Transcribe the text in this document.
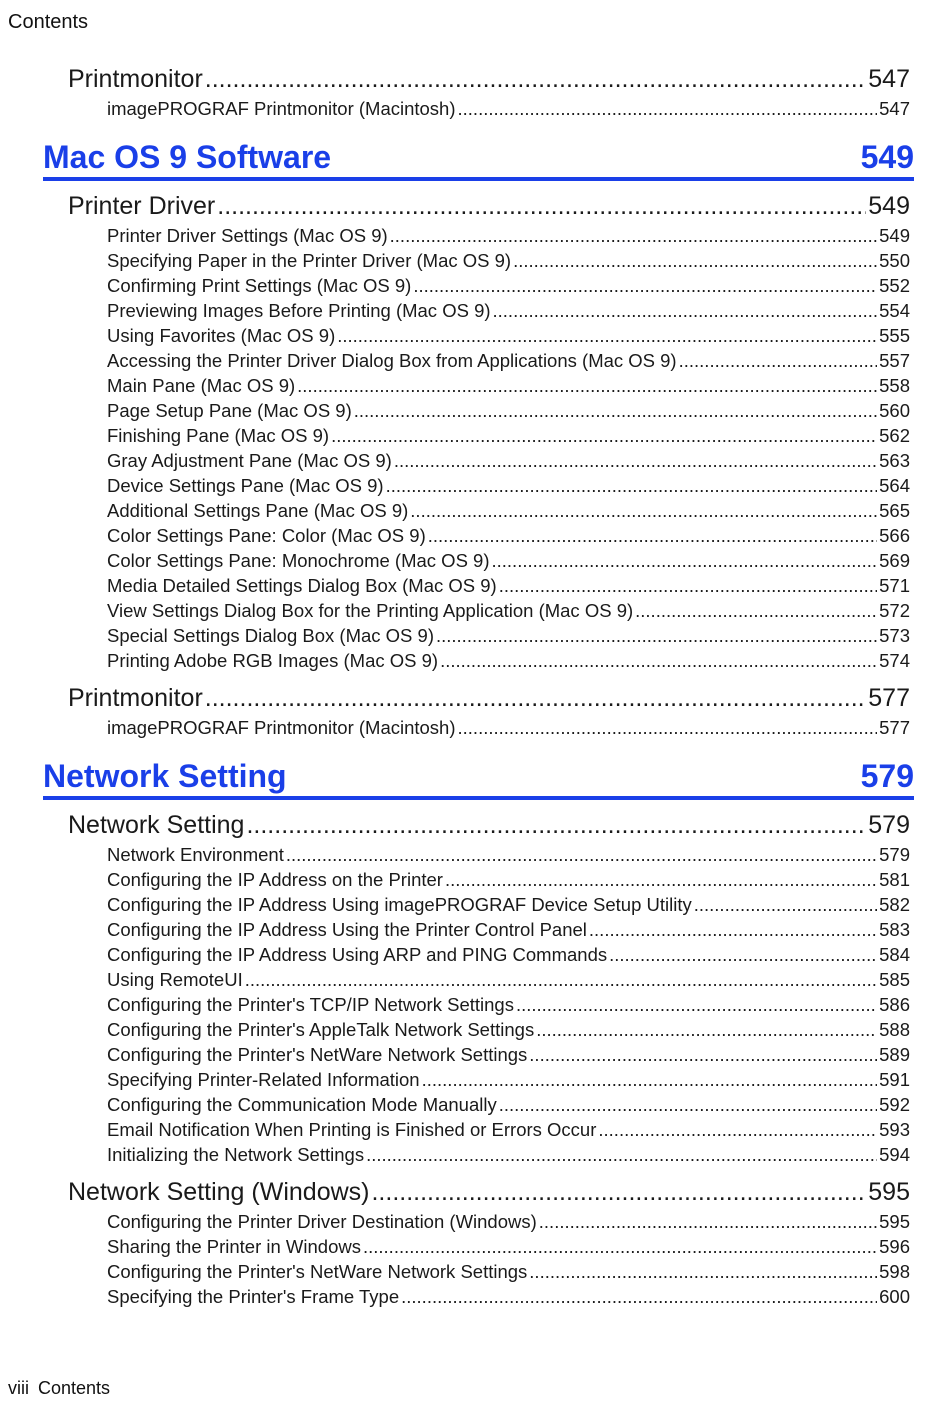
Contents
Printmonitor .....	547
imagePROGRAF Printmonitor (Macintosh) .....	547
Mac OS 9 Software	549
Printer Driver .....	549
Printer Driver Settings (Mac OS 9) .....	549
Specifying Paper in the Printer Driver (Mac OS 9) .....	550
Confirming Print Settings (Mac OS 9) .....	552
Previewing Images Before Printing (Mac OS 9) .....	554
Using Favorites (Mac OS 9) .....	555
Accessing the Printer Driver Dialog Box from Applications (Mac OS 9) .....	557
Main Pane (Mac OS 9) .....	558
Page Setup Pane (Mac OS 9) .....	560
Finishing Pane (Mac OS 9) .....	562
Gray Adjustment Pane (Mac OS 9) .....	563
Device Settings Pane (Mac OS 9) .....	564
Additional Settings Pane (Mac OS 9) .....	565
Color Settings Pane: Color (Mac OS 9) .....	566
Color Settings Pane: Monochrome (Mac OS 9) .....	569
Media Detailed Settings Dialog Box (Mac OS 9) .....	571
View Settings Dialog Box for the Printing Application (Mac OS 9) .....	572
Special Settings Dialog Box (Mac OS 9) .....	573
Printing Adobe RGB Images (Mac OS 9) .....	574
Printmonitor .....	577
imagePROGRAF Printmonitor (Macintosh) .....	577
Network Setting	579
Network Setting .....	579
Network Environment .....	579
Configuring the IP Address on the Printer .....	581
Configuring the IP Address Using imagePROGRAF Device Setup Utility .....	582
Configuring the IP Address Using the Printer Control Panel .....	583
Configuring the IP Address Using ARP and PING Commands .....	584
Using RemoteUI .....	585
Configuring the Printer's TCP/IP Network Settings .....	586
Configuring the Printer's AppleTalk Network Settings .....	588
Configuring the Printer's NetWare Network Settings .....	589
Specifying Printer-Related Information .....	591
Configuring the Communication Mode Manually .....	592
Email Notification When Printing is Finished or Errors Occur .....	593
Initializing the Network Settings .....	594
Network Setting (Windows) .....	595
Configuring the Printer Driver Destination (Windows) .....	595
Sharing the Printer in Windows .....	596
Configuring the Printer's NetWare Network Settings .....	598
Specifying the Printer's Frame Type .....	600
viii Contents
